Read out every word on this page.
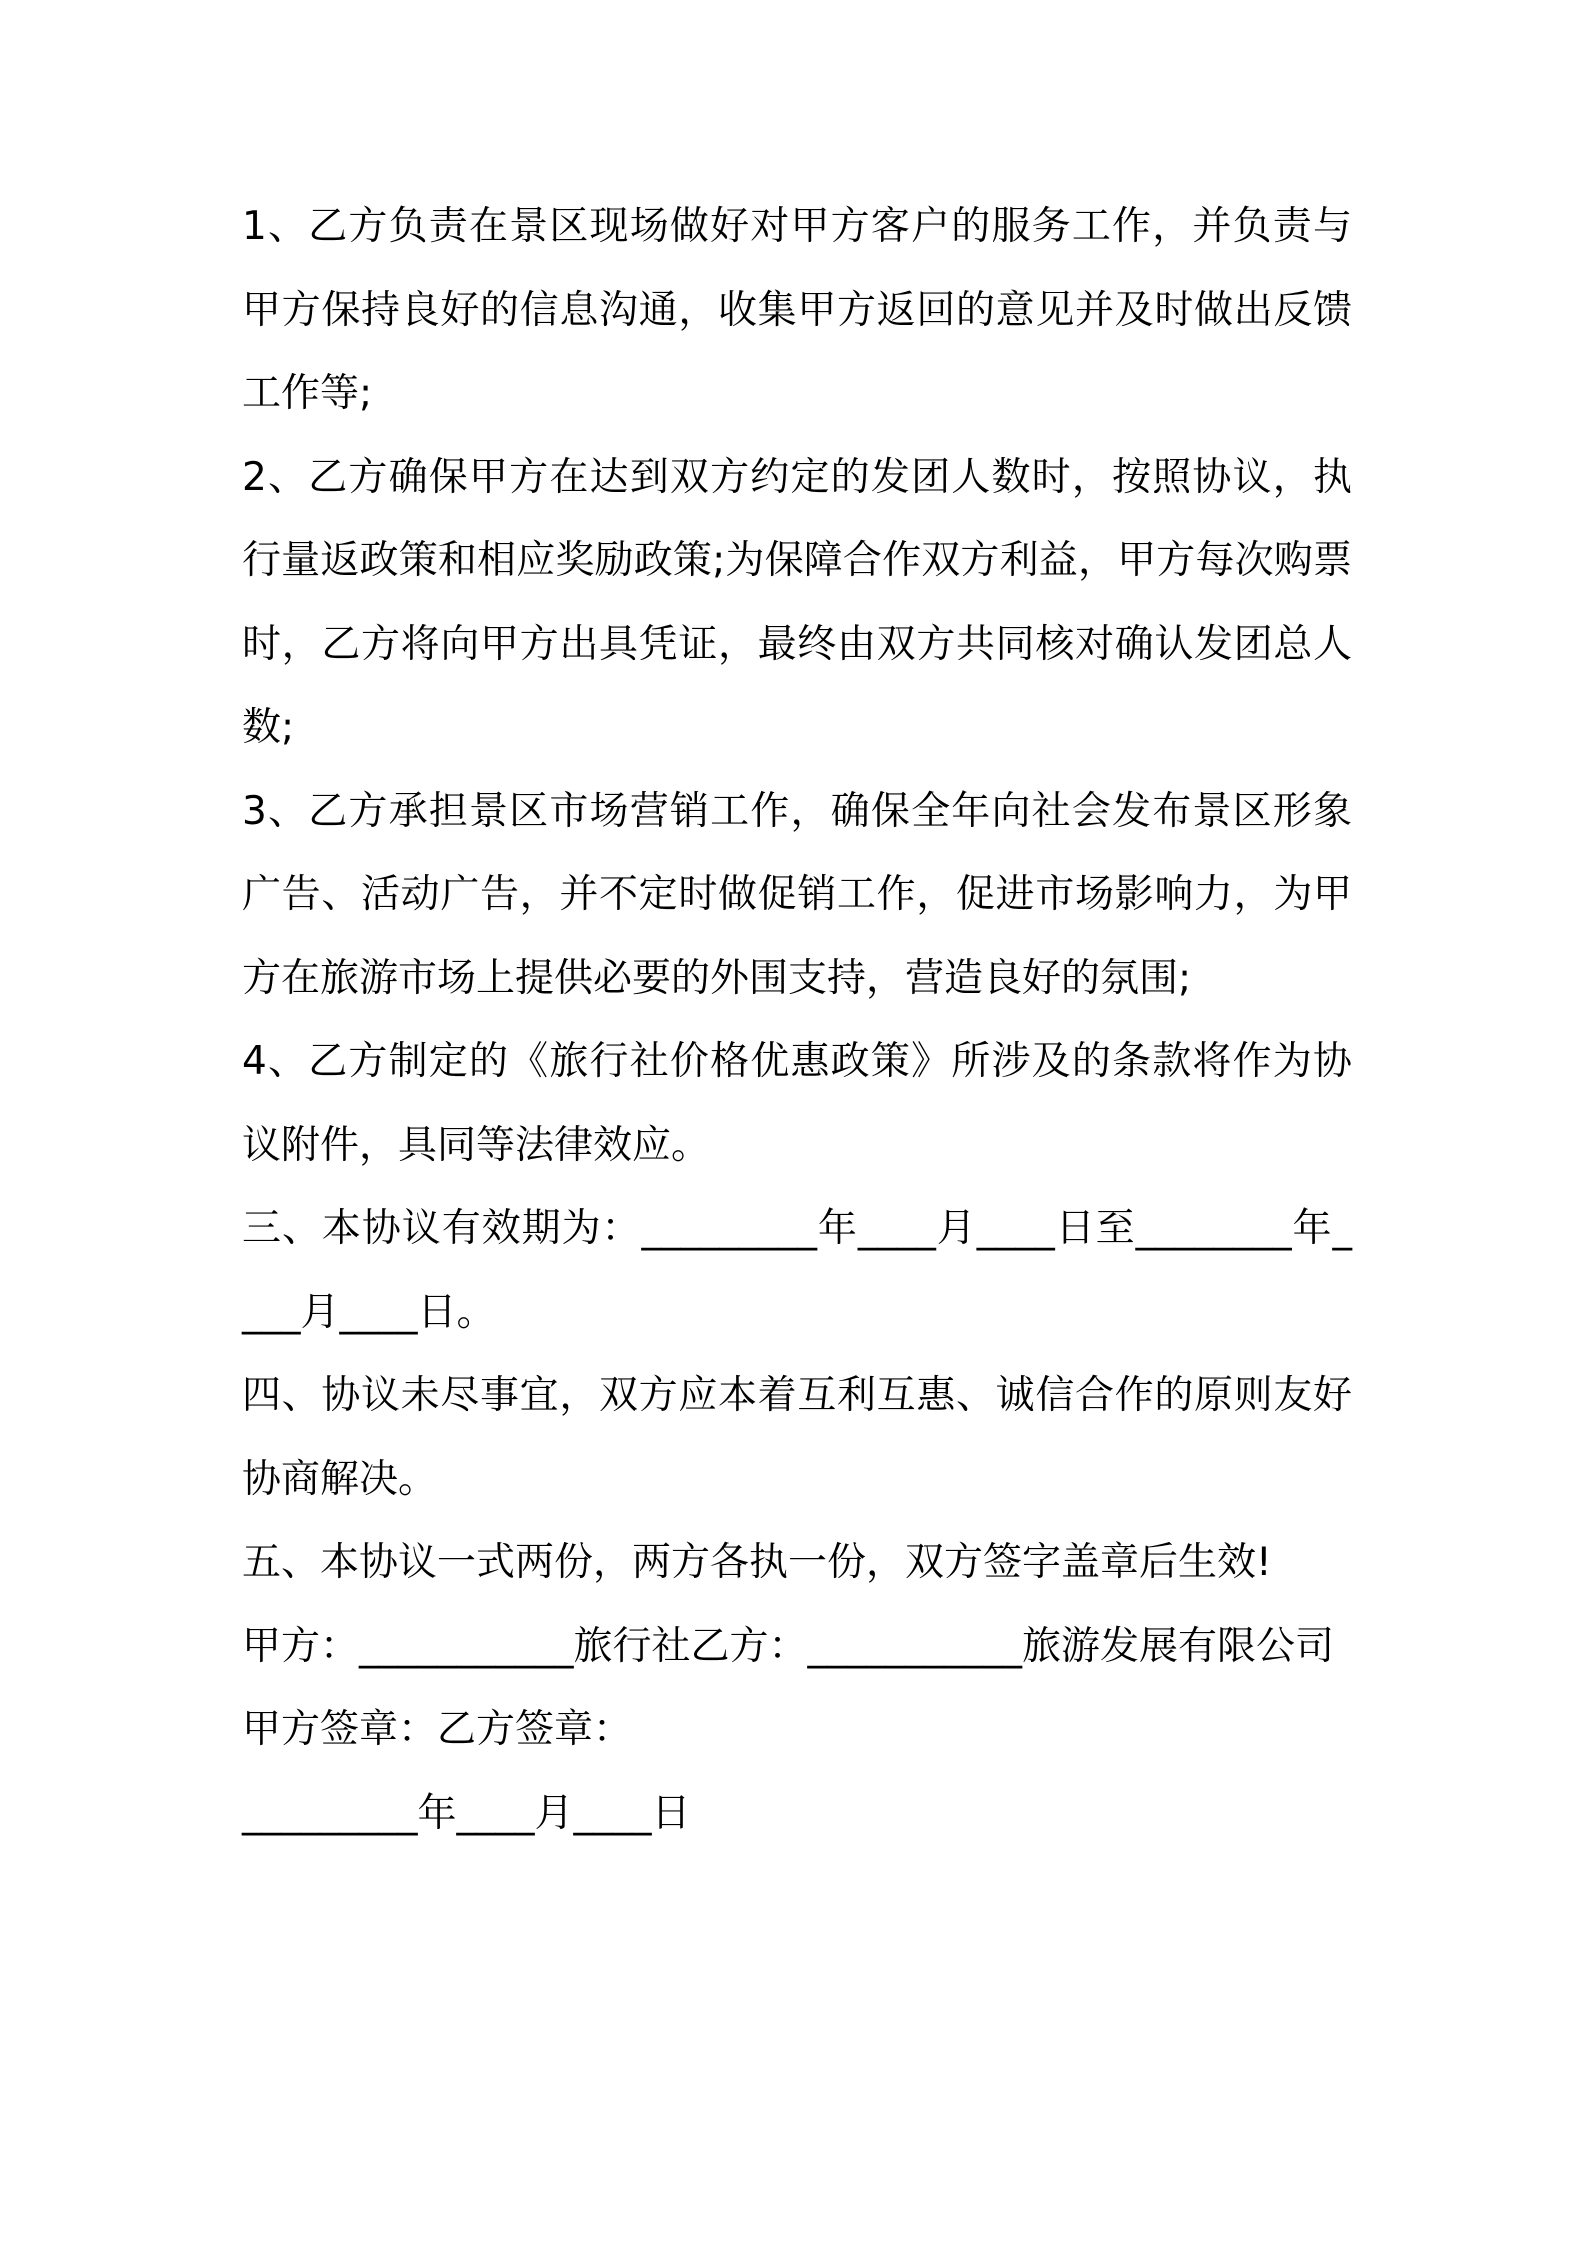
1、乙方负责在景区现场做好对甲方客户的服务工作，并负责与甲方保持良好的信息沟通，收集甲方返回的意见并及时做出反馈工作等;

2、乙方确保甲方在达到双方约定的发团人数时，按照协议，执行量返政策和相应奖励政策;为保障合作双方利益，甲方每次购票时，乙方将向甲方出具凭证，最终由双方共同核对确认发团总人数;

3、乙方承担景区市场营销工作，确保全年向社会发布景区形象广告、活动广告，并不定时做促销工作，促进市场影响力，为甲方在旅游市场上提供必要的外围支持，营造良好的氛围;

4、乙方制定的《旅行社价格优惠政策》所涉及的条款将作为协议附件，具同等法律效应。

三、本协议有效期为：_________年____月____日至________年____月____日。

四、协议未尽事宜，双方应本着互利互惠、诚信合作的原则友好协商解决。

五、本协议一式两份，两方各执一份，双方签字盖章后生效!

甲方：___________旅行社乙方：___________旅游发展有限公司

甲方签章：乙方签章：

_________年____月____日
